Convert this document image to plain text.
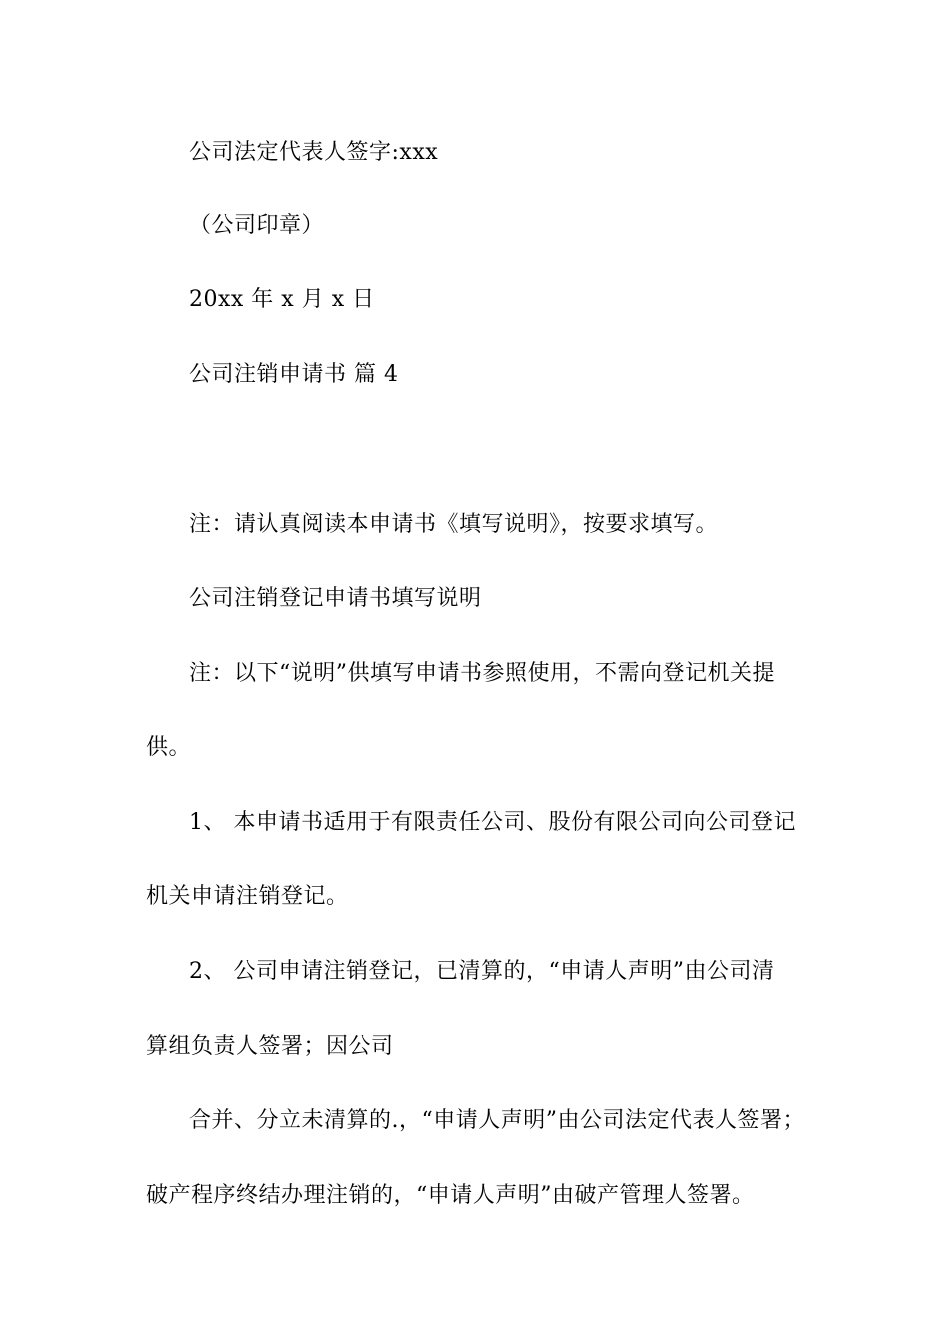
公司法定代表人签字:xxx
（公司印章）
20xx 年 x 月 x 日
公司注销申请书 篇 4
注：请认真阅读本申请书《填写说明》，按要求填写。
公司注销登记申请书填写说明
注：以下“说明”供填写申请书参照使用，不需向登记机关提
供。
1、 本申请书适用于有限责任公司、股份有限公司向公司登记
机关申请注销登记。
2、 公司申请注销登记，已清算的，“申请人声明”由公司清
算组负责人签署；因公司
合并、分立未清算的.，“申请人声明”由公司法定代表人签署；
破产程序终结办理注销的，“申请人声明”由破产管理人签署。
